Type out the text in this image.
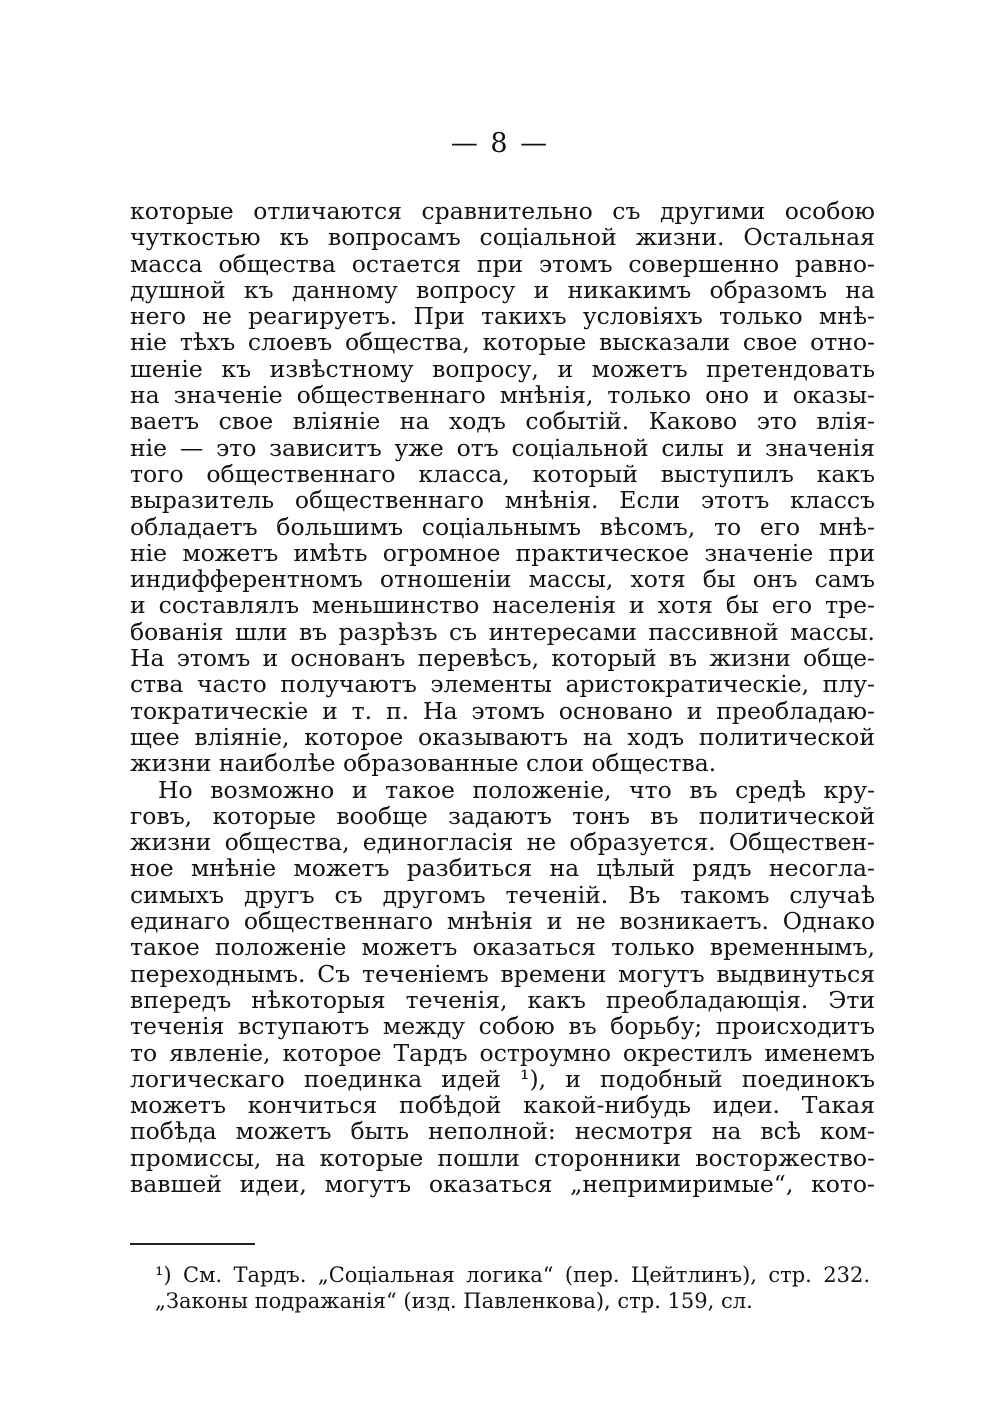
— 8 —
которые отличаются сравнительно съ другими особою
чуткостью къ вопросамъ соціальной жизни. Остальная
масса общества остается при этомъ совершенно равно-
душной къ данному вопросу и никакимъ образомъ на
него не реагируетъ. При такихъ условіяхъ только мнѣ-
ніе тѣхъ слоевъ общества, которые высказали свое отно-
шеніе къ извѣстному вопросу, и можетъ претендовать
на значеніе общественнаго мнѣнія, только оно и оказы-
ваетъ свое вліяніе на ходъ событій. Каково это влія-
ніе — это зависитъ уже отъ соціальной силы и значенія
того общественнаго класса, который выступилъ какъ
выразитель общественнаго мнѣнія. Если этотъ классъ
обладаетъ большимъ соціальнымъ вѣсомъ, то его мнѣ-
ніе можетъ имѣть огромное практическое значеніе при
индифферентномъ отношеніи массы, хотя бы онъ самъ
и составлялъ меньшинство населенія и хотя бы его тре-
бованія шли въ разрѣзъ съ интересами пассивной массы.
На этомъ и основанъ перевѣсъ, который въ жизни обще-
ства часто получаютъ элементы аристократическіе, плу-
тократическіе и т. п. На этомъ основано и преобладаю-
щее вліяніе, которое оказываютъ на ходъ политической
жизни наиболѣе образованные слои общества.
Но возможно и такое положеніе, что въ средѣ кру-
говъ, которые вообще задаютъ тонъ въ политической
жизни общества, единогласія не образуется. Обществен-
ное мнѣніе можетъ разбиться на цѣлый рядъ несогла-
симыхъ другъ съ другомъ теченій. Въ такомъ случаѣ
единаго общественнаго мнѣнія и не возникаетъ. Однако
такое положеніе можетъ оказаться только временнымъ,
переходнымъ. Съ теченіемъ времени могутъ выдвинуться
впередъ нѣкоторыя теченія, какъ преобладающія. Эти
теченія вступаютъ между собою въ борьбу; происходитъ
то явленіе, которое Тардъ остроумно окрестилъ именемъ
логическаго поединка идей ¹), и подобный поединокъ
можетъ кончиться побѣдой какой-нибудь идеи. Такая
побѣда можетъ быть неполной: несмотря на всѣ ком-
промиссы, на которые пошли сторонники восторжество-
вавшей идеи, могутъ оказаться „непримиримые“, кото-
¹) См. Тардъ. „Соціальная логика“ (пер. Цейтлинъ), стр. 232.
„Законы подражанія“ (изд. Павленкова), стр. 159, сл.
